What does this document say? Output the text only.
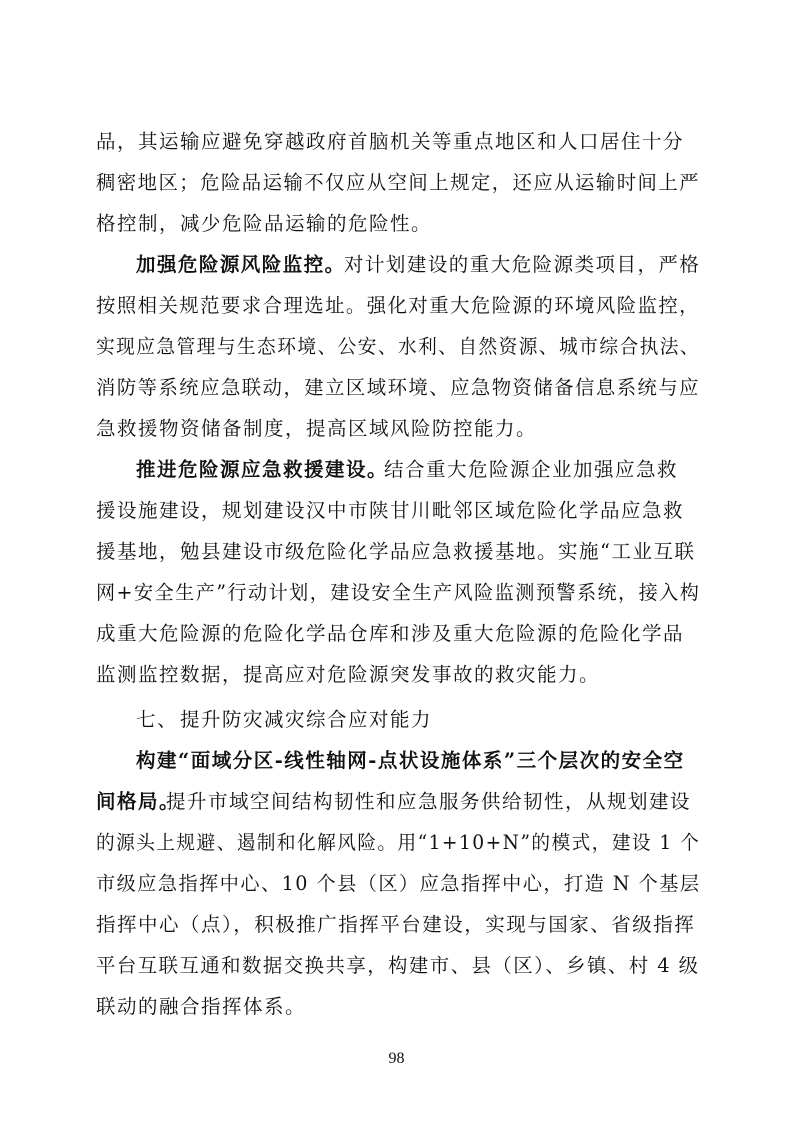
品，其运输应避免穿越政府首脑机关等重点地区和人口居住十分
稠密地区；危险品运输不仅应从空间上规定，还应从运输时间上严
格控制，减少危险品运输的危险性。
加强危险源风险监控。
对计划建设的重大危险源类项目，严格
按照相关规范要求合理选址。强化对重大危险源的环境风险监控，
实现应急管理与生态环境、公安、水利、自然资源、城市综合执法、
消防等系统应急联动，建立区域环境、应急物资储备信息系统与应
急救援物资储备制度，提高区域风险防控能力。
推进危险源应急救援建设。
结合重大危险源企业加强应急救
援设施建设，规划建设汉中市陕甘川毗邻区域危险化学品应急救
援基地，勉县建设市级危险化学品应急救援基地。实施“工业互联
网+安全生产”行动计划，建设安全生产风险监测预警系统，接入构
成重大危险源的危险化学品仓库和涉及重大危险源的危险化学品
监测监控数据，提高应对危险源突发事故的救灾能力。
七、 提升防灾减灾综合应对能力
构建“面域分区-线性轴网-点状设施体系”三个层次的安全空
间格局。
提升市域空间结构韧性和应急服务供给韧性，从规划建设
的源头上规避、遏制和化解风险。用“1+10+N”的模式，建设 1 个
市级应急指挥中心、10 个县（区）应急指挥中心，打造 N 个基层
指挥中心（点），积极推广指挥平台建设，实现与国家、省级指挥
平台互联互通和数据交换共享，构建市、县（区）、乡镇、村 4 级
联动的融合指挥体系。
98
